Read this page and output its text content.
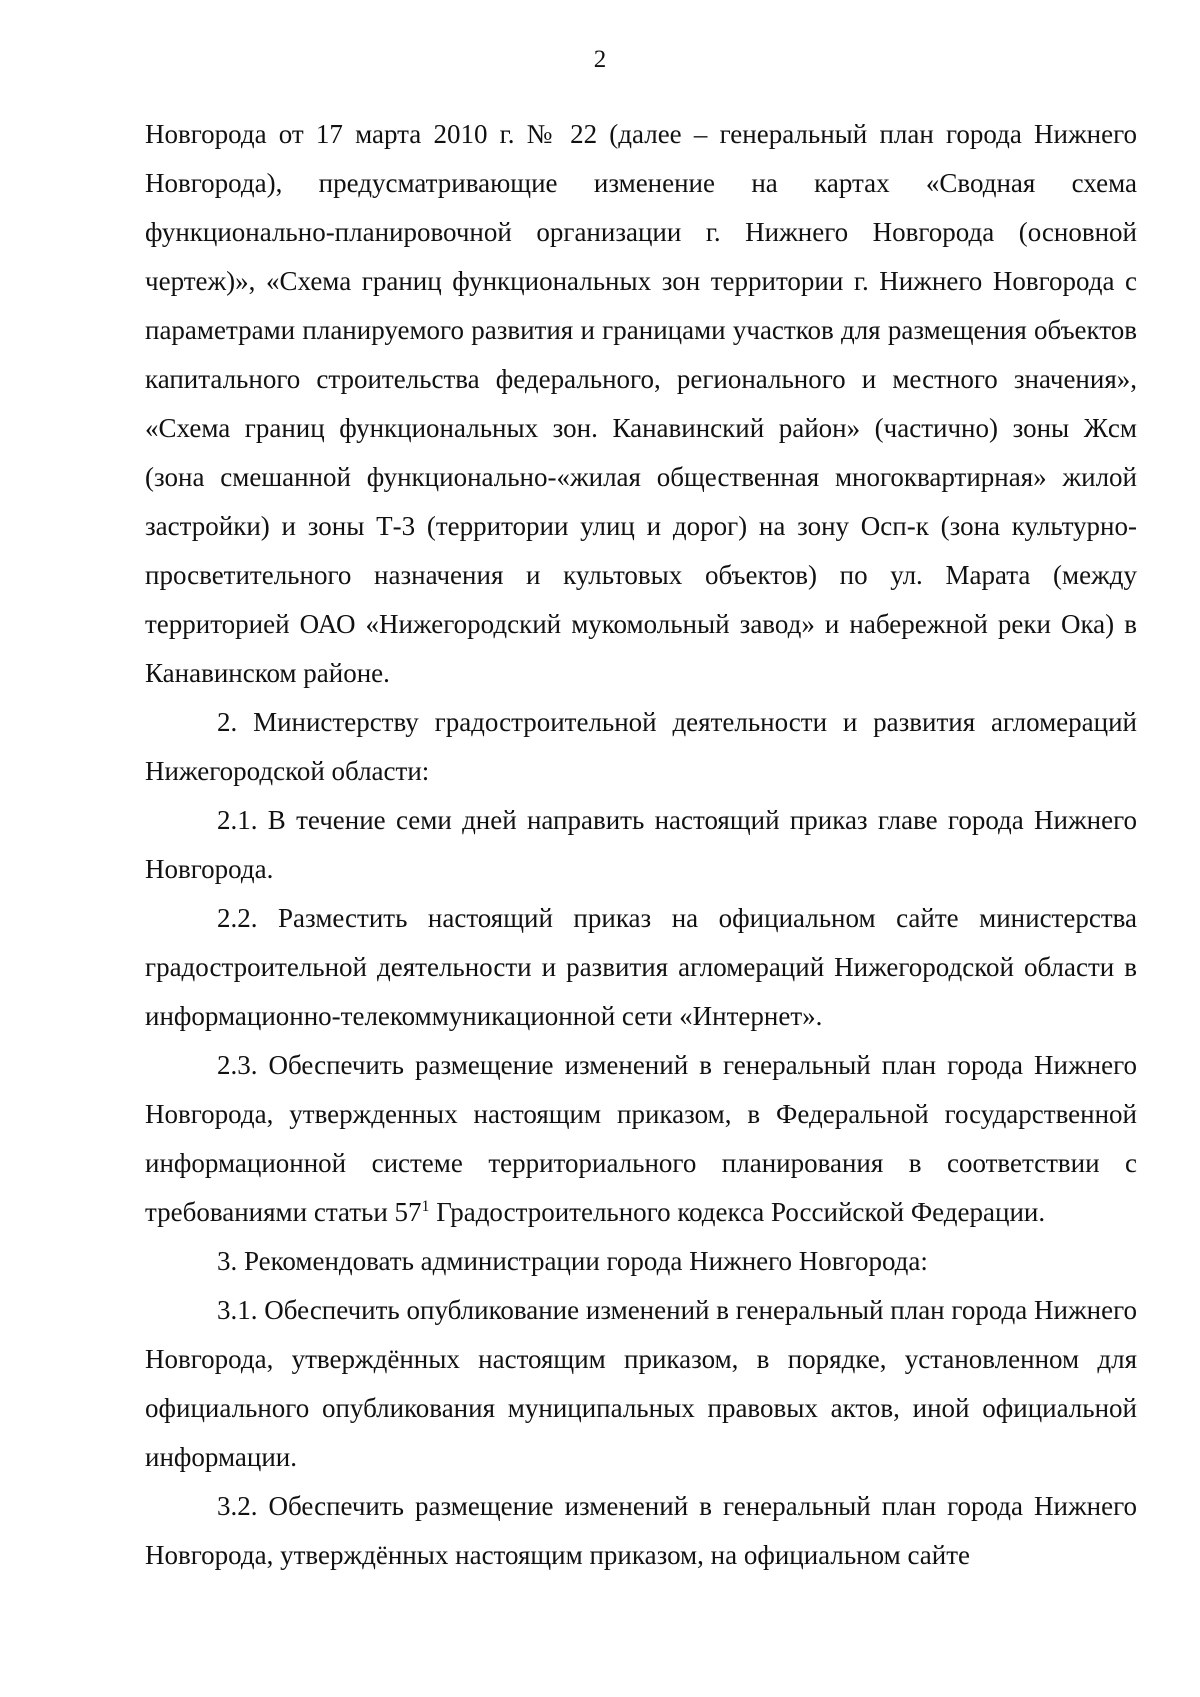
2

Новгорода от 17 марта 2010 г. № 22 (далее – генеральный план города Нижнего Новгорода), предусматривающие изменение на картах «Сводная схема функционально-планировочной организации г. Нижнего Новгорода (основной чертеж)», «Схема границ функциональных зон территории г. Нижнего Новгорода с параметрами планируемого развития и границами участков для размещения объектов капитального строительства федерального, регионального и местного значения», «Схема границ функциональных зон. Канавинский район» (частично) зоны Жсм (зона смешанной функционально-«жилая общественная многоквартирная» жилой застройки) и зоны Т-3 (территории улиц и дорог) на зону Осп-к (зона культурно-просветительного назначения и культовых объектов) по ул. Марата (между территорией ОАО «Нижегородский мукомольный завод» и набережной реки Ока) в Канавинском районе.

2. Министерству градостроительной деятельности и развития агломераций Нижегородской области:

2.1. В течение семи дней направить настоящий приказ главе города Нижнего Новгорода.

2.2. Разместить настоящий приказ на официальном сайте министерства градостроительной деятельности и развития агломераций Нижегородской области в информационно-телекоммуникационной сети «Интернет».

2.3. Обеспечить размещение изменений в генеральный план города Нижнего Новгорода, утвержденных настоящим приказом, в Федеральной государственной информационной системе территориального планирования в соответствии с требованиями статьи $57^1$ Градостроительного кодекса Российской Федерации.

3. Рекомендовать администрации города Нижнего Новгорода:

3.1. Обеспечить опубликование изменений в генеральный план города Нижнего Новгорода, утверждённых настоящим приказом, в порядке, установленном для официального опубликования муниципальных правовых актов, иной официальной информации.

3.2. Обеспечить размещение изменений в генеральный план города Нижнего Новгорода, утверждённых настоящим приказом, на официальном сайте
